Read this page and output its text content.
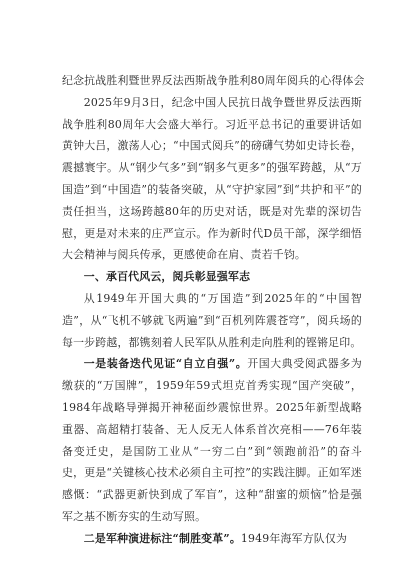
纪念抗战胜利暨世界反法西斯战争胜利80周年阅兵的心得体会

2025年9月3日，纪念中国人民抗日战争暨世界反法西斯战争胜利80周年大会盛大举行。习近平总书记的重要讲话如黄钟大吕，激荡人心；“中国式阅兵”的磅礴气势如史诗长卷，震撼寰宇。从“钢少气多”到“钢多气更多”的强军跨越，从“万国造”到“中国造”的装备突破，从“守护家园”到“共护和平”的责任担当，这场跨越80年的历史对话，既是对先辈的深切告慰，更是对未来的庄严宣示。作为新时代D员干部，深学细悟大会精神与阅兵传承，更感使命在肩、责若千钧。

一、承百代风云，阅兵彰显强军志

从1949年开国大典的“万国造”到2025年的“中国智造”，从“飞机不够就飞两遍”到“百机列阵震苍穹”，阅兵场的每一步跨越，都镌刻着人民军队从胜利走向胜利的铿锵足印。

一是装备迭代见证“自立自强”。开国大典受阅武器多为缴获的“万国牌”，1959年59式坦克首秀实现“国产突破”，1984年战略导弹揭开神秘面纱震惊世界。2025年新型战略重器、高超精打装备、无人反无人体系首次亮相——76年装备变迁史，是国防工业从“一穷二白”到“领跑前沿”的奋斗史，更是“关键核心技术必须自主可控”的实践注脚。正如军迷感慨：“武器更新快到成了军盲”，这种“甜蜜的烦恼”恰是强军之基不断夯实的生动写照。

二是军种演进标注“制胜变革”。1949年海军方队仅为
